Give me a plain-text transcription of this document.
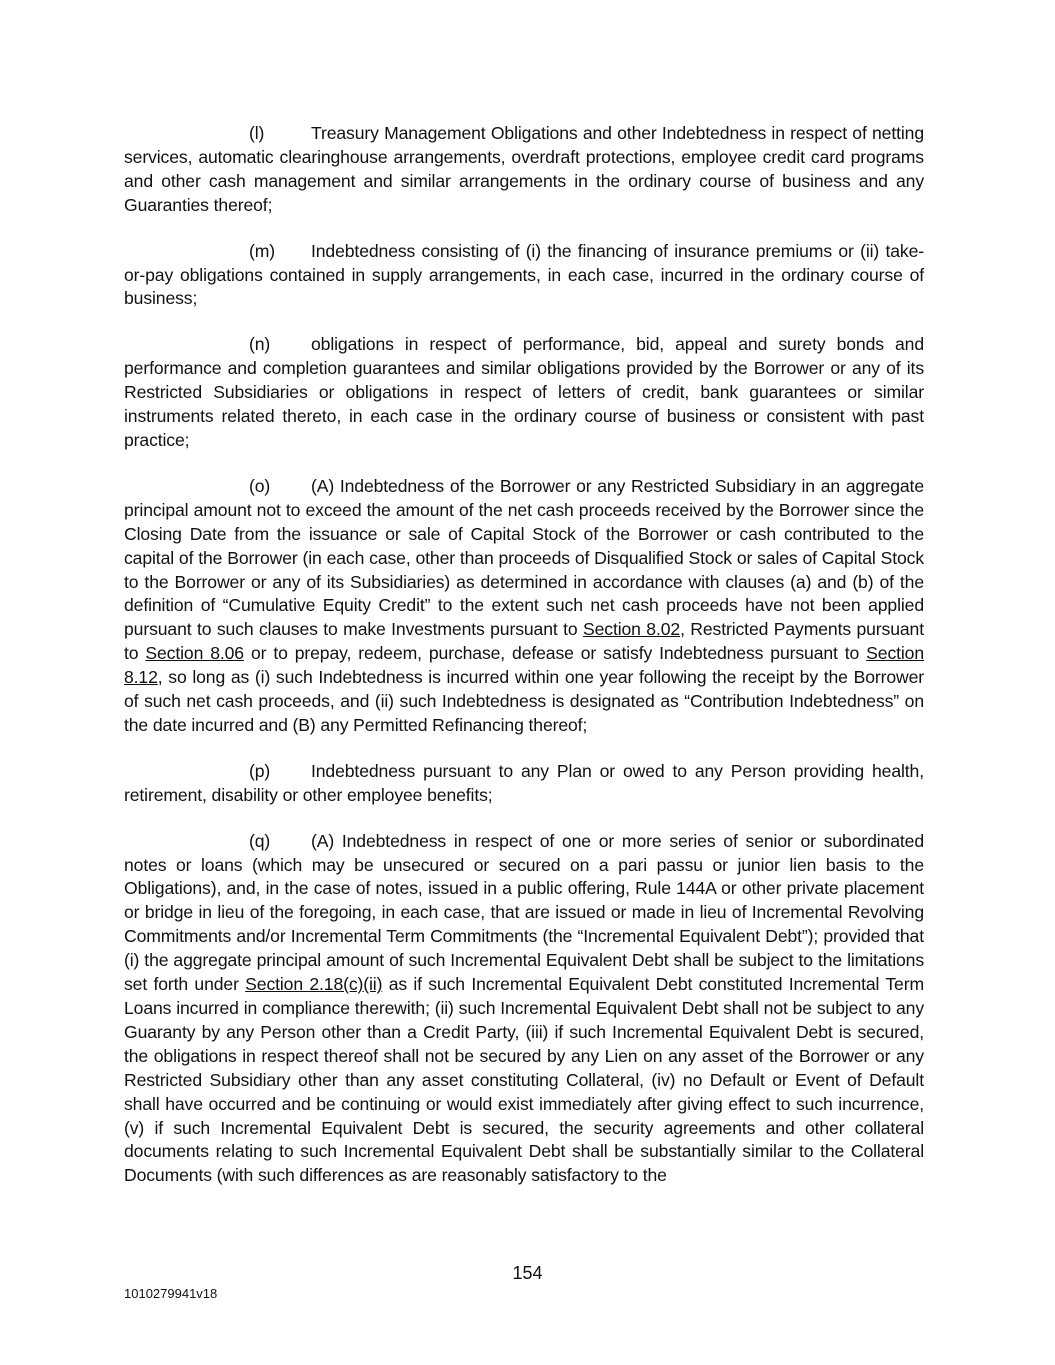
(l)	Treasury Management Obligations and other Indebtedness in respect of netting services, automatic clearinghouse arrangements, overdraft protections, employee credit card programs and other cash management and similar arrangements in the ordinary course of business and any Guaranties thereof;

(m) Indebtedness consisting of (i) the financing of insurance premiums or (ii) take-or-pay obligations contained in supply arrangements, in each case, incurred in the ordinary course of business;

(n) obligations in respect of performance, bid, appeal and surety bonds and performance and completion guarantees and similar obligations provided by the Borrower or any of its Restricted Subsidiaries or obligations in respect of letters of credit, bank guarantees or similar instruments related thereto, in each case in the ordinary course of business or consistent with past practice;

(o) (A) Indebtedness of the Borrower or any Restricted Subsidiary in an aggregate principal amount not to exceed the amount of the net cash proceeds received by the Borrower since the Closing Date from the issuance or sale of Capital Stock of the Borrower or cash contributed to the capital of the Borrower (in each case, other than proceeds of Disqualified Stock or sales of Capital Stock to the Borrower or any of its Subsidiaries) as determined in accordance with clauses (a) and (b) of the definition of “Cumulative Equity Credit” to the extent such net cash proceeds have not been applied pursuant to such clauses to make Investments pursuant to Section 8.02, Restricted Payments pursuant to Section 8.06 or to prepay, redeem, purchase, defease or satisfy Indebtedness pursuant to Section 8.12, so long as (i) such Indebtedness is incurred within one year following the receipt by the Borrower of such net cash proceeds, and (ii) such Indebtedness is designated as “Contribution Indebtedness” on the date incurred and (B) any Permitted Refinancing thereof;

(p) Indebtedness pursuant to any Plan or owed to any Person providing health, retirement, disability or other employee benefits;

(q) (A) Indebtedness in respect of one or more series of senior or subordinated notes or loans (which may be unsecured or secured on a pari passu or junior lien basis to the Obligations), and, in the case of notes, issued in a public offering, Rule 144A or other private placement or bridge in lieu of the foregoing, in each case, that are issued or made in lieu of Incremental Revolving Commitments and/or Incremental Term Commitments (the “Incremental Equivalent Debt”); provided that (i) the aggregate principal amount of such Incremental Equivalent Debt shall be subject to the limitations set forth under Section 2.18(c)(ii) as if such Incremental Equivalent Debt constituted Incremental Term Loans incurred in compliance therewith; (ii) such Incremental Equivalent Debt shall not be subject to any Guaranty by any Person other than a Credit Party, (iii) if such Incremental Equivalent Debt is secured, the obligations in respect thereof shall not be secured by any Lien on any asset of the Borrower or any Restricted Subsidiary other than any asset constituting Collateral, (iv) no Default or Event of Default shall have occurred and be continuing or would exist immediately after giving effect to such incurrence, (v) if such Incremental Equivalent Debt is secured, the security agreements and other collateral documents relating to such Incremental Equivalent Debt shall be substantially similar to the Collateral Documents (with such differences as are reasonably satisfactory to the

154
1010279941v18
